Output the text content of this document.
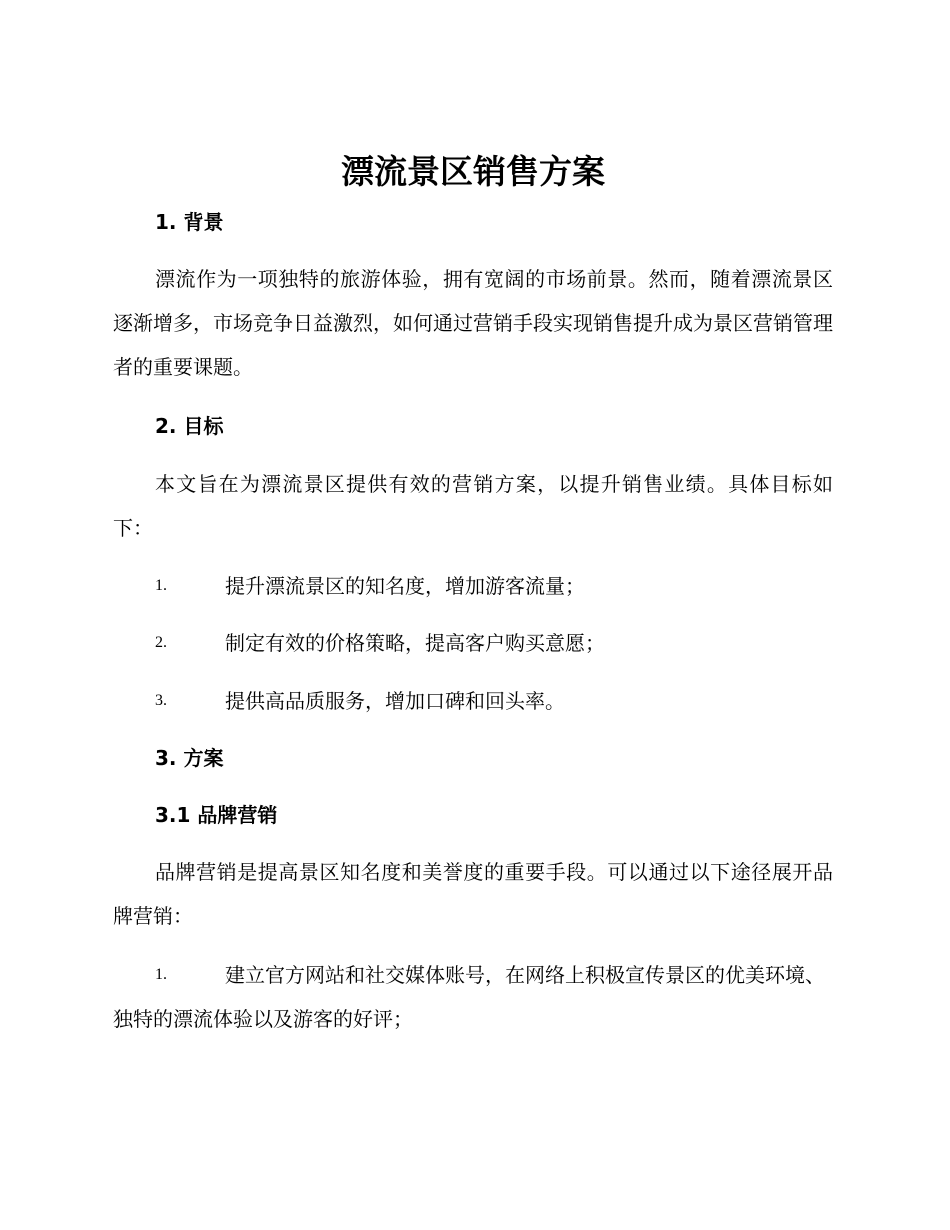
漂流景区销售方案
1. 背景

漂流作为一项独特的旅游体验，拥有宽阔的市场前景。然而，随着漂流景区逐渐增多，市场竞争日益激烈，如何通过营销手段实现销售提升成为景区营销管理者的重要课题。

2. 目标

本文旨在为漂流景区提供有效的营销方案，以提升销售业绩。具体目标如下：

1.	提升漂流景区的知名度，增加游客流量；
2.	制定有效的价格策略，提高客户购买意愿；
3.	提供高品质服务，增加口碑和回头率。
3. 方案
3.1 品牌营销

品牌营销是提高景区知名度和美誉度的重要手段。可以通过以下途径展开品牌营销：

1.	建立官方网站和社交媒体账号，在网络上积极宣传景区的优美环境、独特的漂流体验以及游客的好评；
